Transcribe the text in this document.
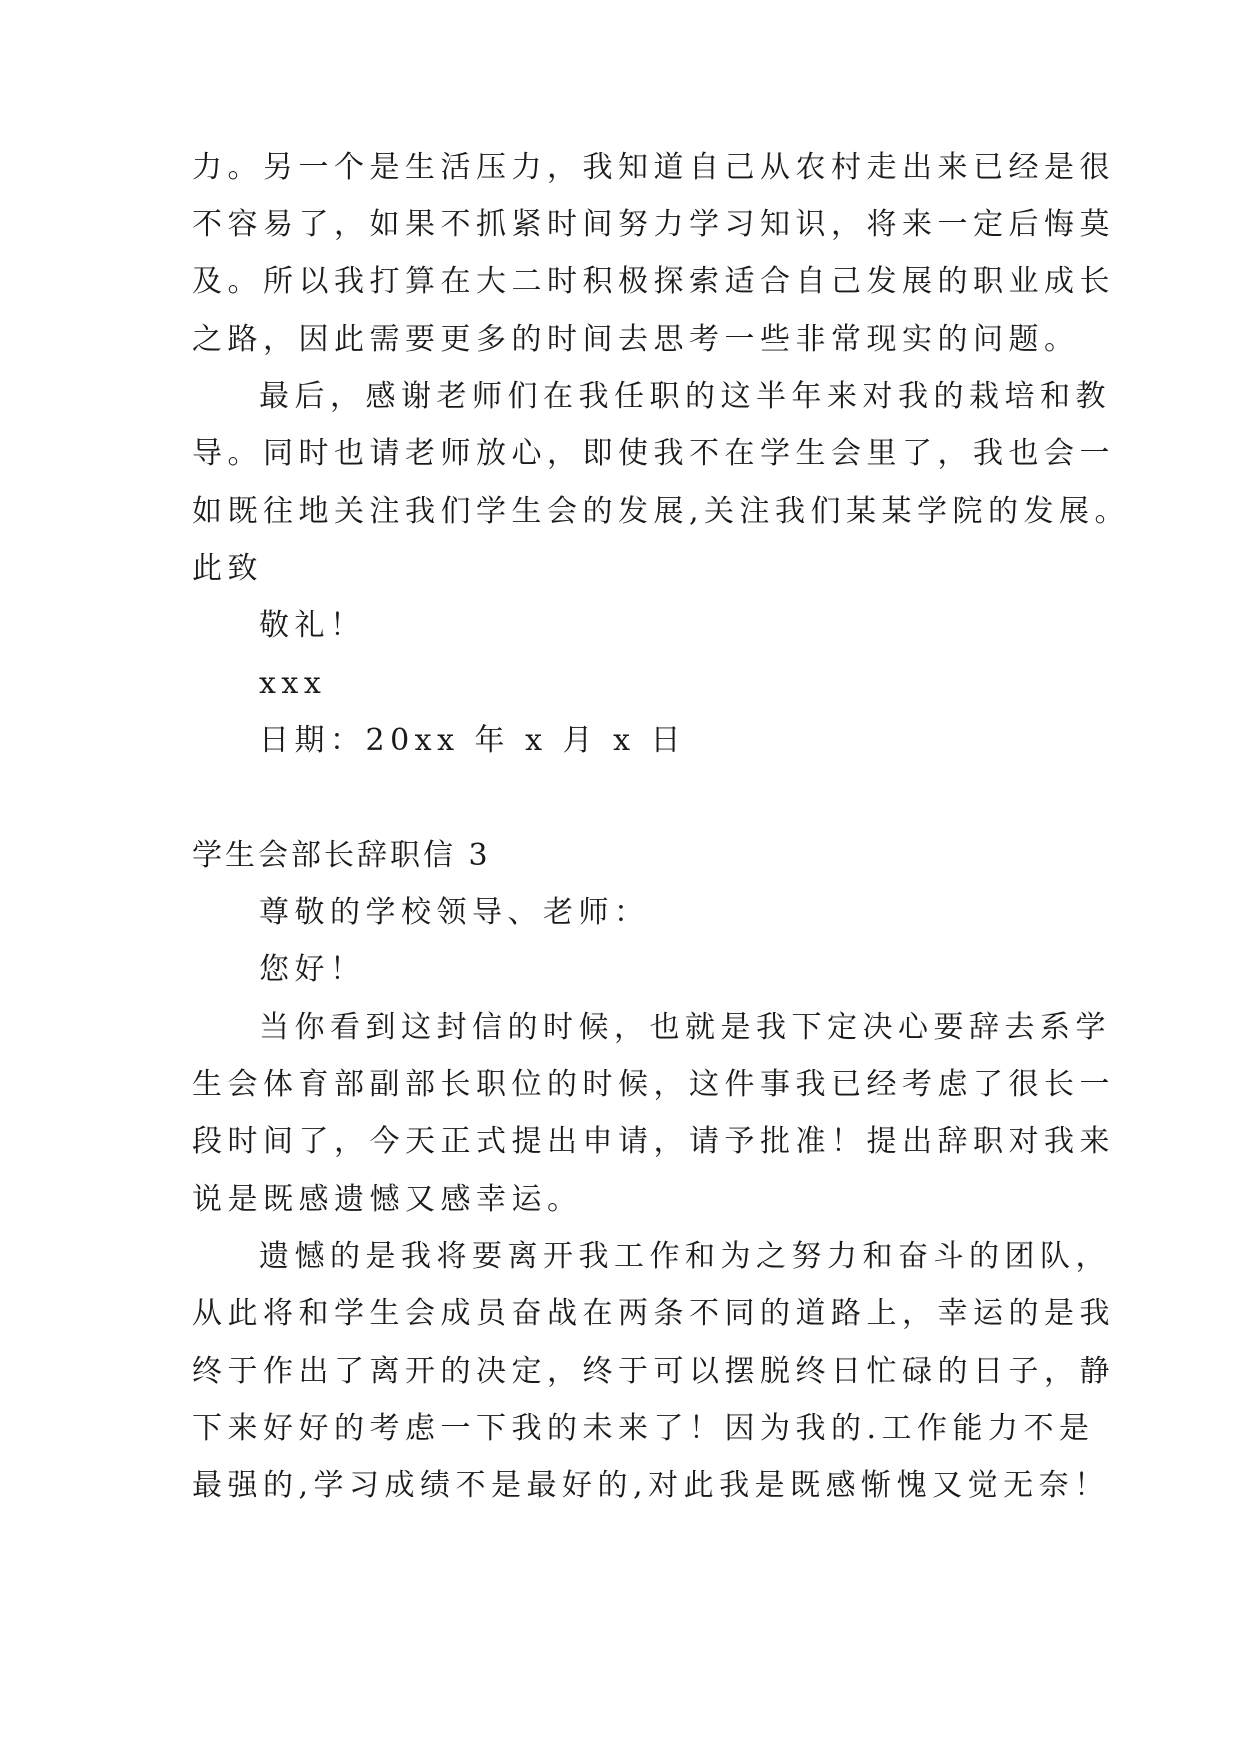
力。另一个是生活压力，我知道自己从农村走出来已经是很
不容易了，如果不抓紧时间努力学习知识，将来一定后悔莫
及。所以我打算在大二时积极探索适合自己发展的职业成长
之路，因此需要更多的时间去思考一些非常现实的问题。
最后，感谢老师们在我任职的这半年来对我的栽培和教
导。同时也请老师放心，即使我不在学生会里了，我也会一
如既往地关注我们学生会的发展,关注我们某某学院的发展。
此致
敬礼！
xxx
日期：20xx 年 x 月 x 日
学生会部长辞职信 3
尊敬的学校领导、老师：
您好！
当你看到这封信的时候，也就是我下定决心要辞去系学
生会体育部副部长职位的时候，这件事我已经考虑了很长一
段时间了，今天正式提出申请，请予批准！提出辞职对我来
说是既感遗憾又感幸运。
遗憾的是我将要离开我工作和为之努力和奋斗的团队，
从此将和学生会成员奋战在两条不同的道路上，幸运的是我
终于作出了离开的决定，终于可以摆脱终日忙碌的日子，静
下来好好的考虑一下我的未来了！因为我的.工作能力不是
最强的,学习成绩不是最好的,对此我是既感惭愧又觉无奈！
